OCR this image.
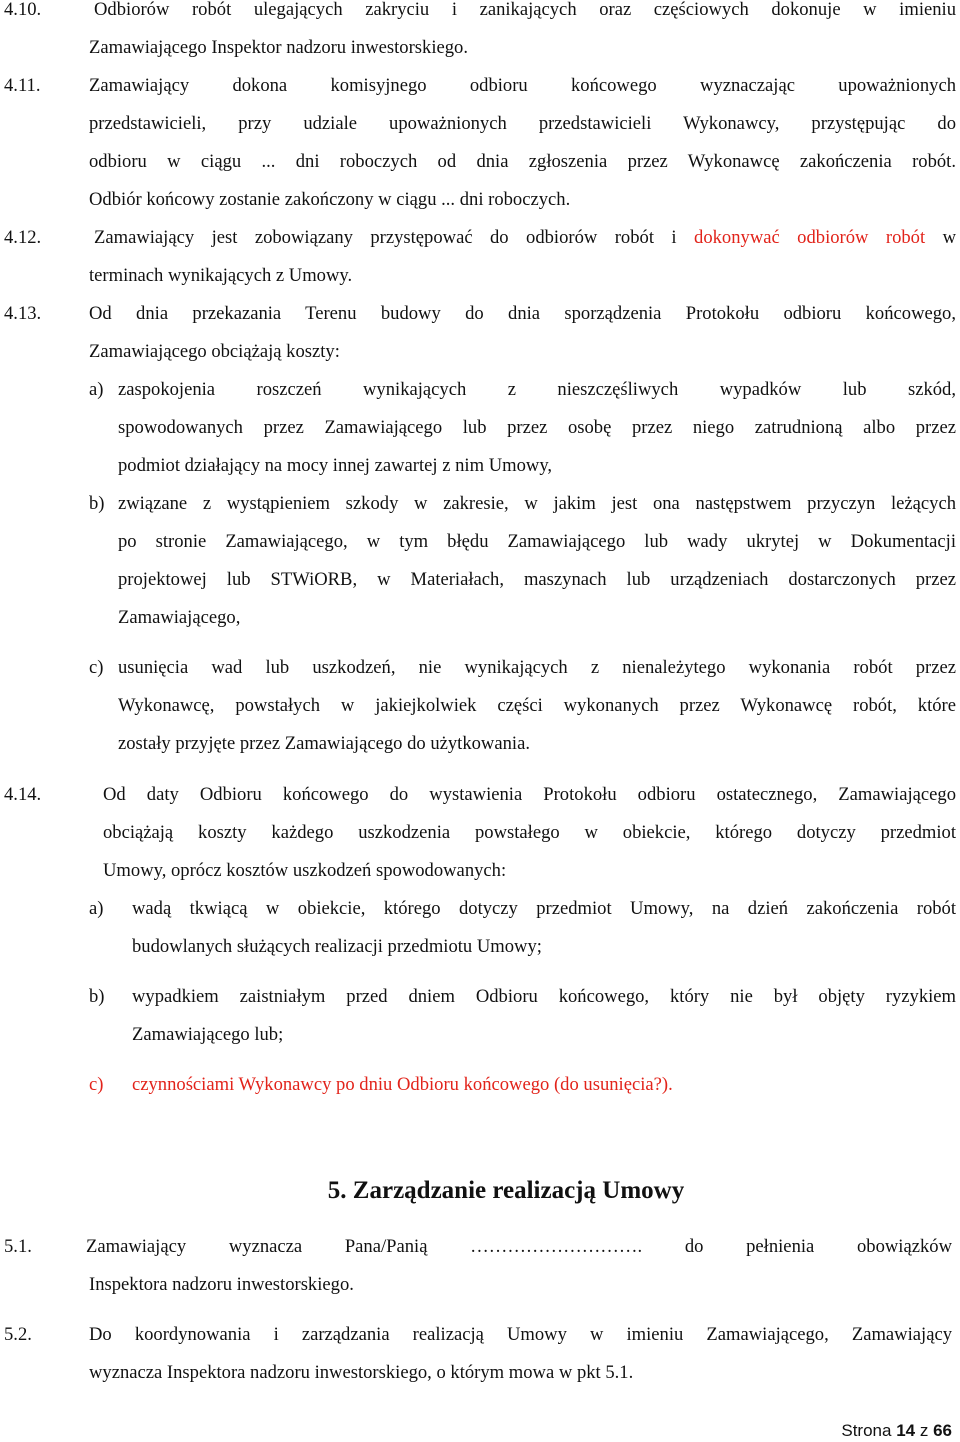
4.10.	Odbiorów robót ulegających zakryciu i zanikających oraz częściowych dokonuje w imieniu
Zamawiającego Inspektor nadzoru inwestorskiego.
4.11.	Zamawiający dokona komisyjnego odbioru końcowego wyznaczając upoważnionych
przedstawicieli, przy udziale upoważnionych przedstawicieli Wykonawcy, przystępując do
odbioru w ciągu ... dni roboczych od dnia zgłoszenia przez Wykonawcę zakończenia robót.
Odbiór końcowy zostanie zakończony w ciągu ... dni roboczych.
4.12.	Zamawiający jest zobowiązany przystępować do odbiorów robót i dokonywać odbiorów robót w
terminach wynikających z Umowy.
4.13.	Od dnia przekazania Terenu budowy do dnia sporządzenia Protokołu odbioru końcowego,
Zamawiającego obciążają koszty:
a) zaspokojenia roszczeń wynikających z nieszczęśliwych wypadków lub szkód,
spowodowanych przez Zamawiającego lub przez osobę przez niego zatrudnioną albo przez
podmiot działający na mocy innej zawartej z nim Umowy,
b) związane z wystąpieniem szkody w zakresie, w jakim jest ona następstwem przyczyn leżących
po stronie Zamawiającego, w tym błędu Zamawiającego lub wady ukrytej w Dokumentacji
projektowej lub STWiORB, w Materiałach, maszynach lub urządzeniach dostarczonych przez
Zamawiającego,
c) usunięcia wad lub uszkodzeń, nie wynikających z nienależytego wykonania robót przez
Wykonawcę, powstałych w jakiejkolwiek części wykonanych przez Wykonawcę robót, które
zostały przyjęte przez Zamawiającego do użytkowania.
4.14.	Od daty Odbioru końcowego do wystawienia Protokołu odbioru ostatecznego, Zamawiającego
obciążają koszty każdego uszkodzenia powstałego w obiekcie, którego dotyczy przedmiot
Umowy, oprócz kosztów uszkodzeń spowodowanych:
a) wadą tkwiącą w obiekcie, którego dotyczy przedmiot Umowy, na dzień zakończenia robót
budowlanych służących realizacji przedmiotu Umowy;
b) wypadkiem zaistniałym przed dniem Odbioru końcowego, który nie był objęty ryzykiem
Zamawiającego lub;
c) czynnościami Wykonawcy po dniu Odbioru końcowego (do usunięcia?).
5. Zarządzanie realizacją Umowy
5.1.	Zamawiający wyznacza Pana/Panią ………………………. do pełnienia obowiązków
Inspektora nadzoru inwestorskiego.
5.2.	Do koordynowania i zarządzania realizacją Umowy w imieniu Zamawiającego, Zamawiający
wyznacza Inspektora nadzoru inwestorskiego, o którym mowa w pkt 5.1.
Strona 14 z 66
